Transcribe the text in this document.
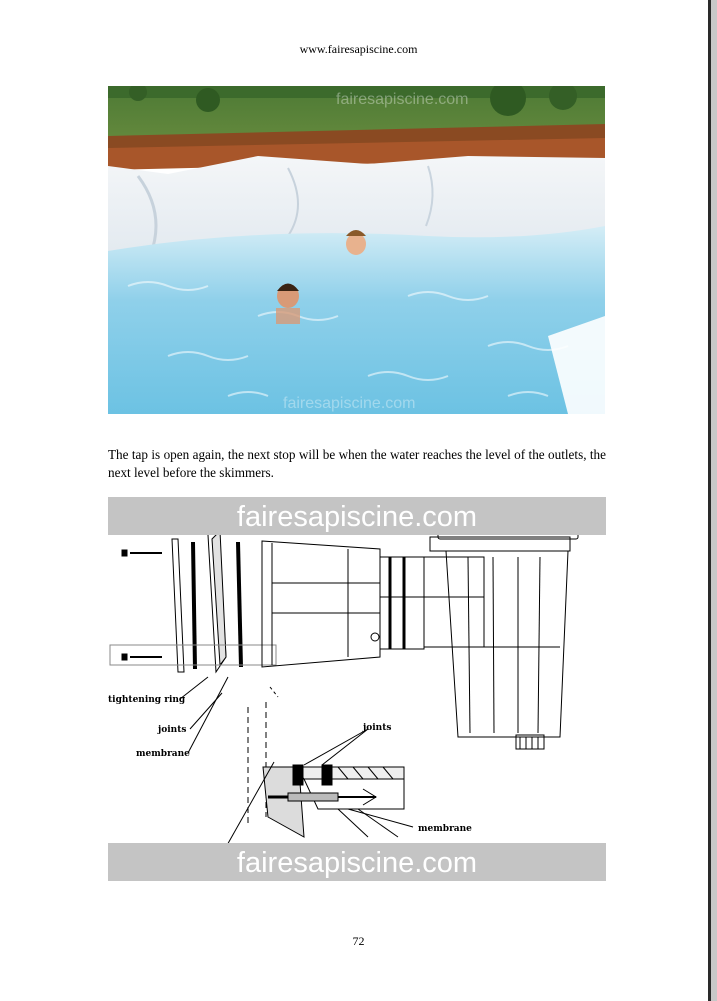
www.fairesapiscine.com
fairesapiscine.com
fairesapiscine.com
The tap is open again, the next stop will be when the water reaches the level of the outlets, the next level before the skimmers.
tightening ring
joints
membrane
joints
membrane
fairesapiscine.com
fairesapiscine.com
72
